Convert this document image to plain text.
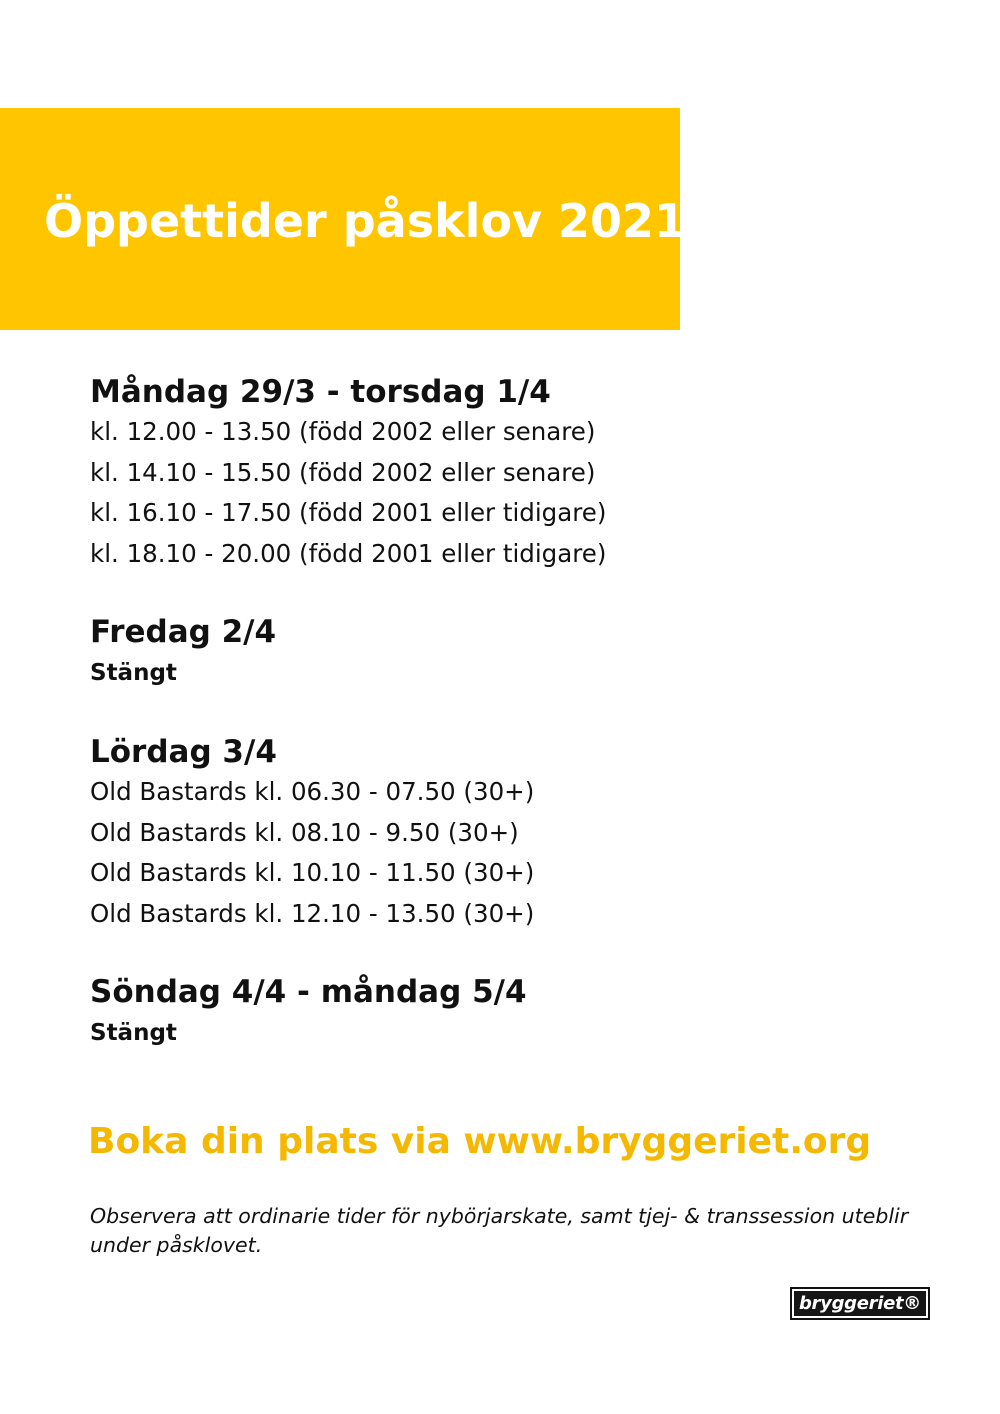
Öppettider påsklov 2021
Måndag 29/3 - torsdag 1/4
kl. 12.00 - 13.50 (född 2002 eller senare)
kl. 14.10 - 15.50 (född 2002 eller senare)
kl. 16.10 - 17.50 (född 2001 eller tidigare)
kl. 18.10 - 20.00 (född 2001 eller tidigare)
Fredag 2/4
Stängt
Lördag 3/4
Old Bastards kl. 06.30 - 07.50 (30+)
Old Bastards kl. 08.10 - 9.50 (30+)
Old Bastards kl. 10.10 - 11.50 (30+)
Old Bastards kl. 12.10 - 13.50 (30+)
Söndag 4/4 - måndag 5/4
Stängt
Boka din plats via www.bryggeriet.org
Observera att ordinarie tider för nybörjarskate, samt tjej- & transsession uteblir under påsklovet.
bryggeriet®
